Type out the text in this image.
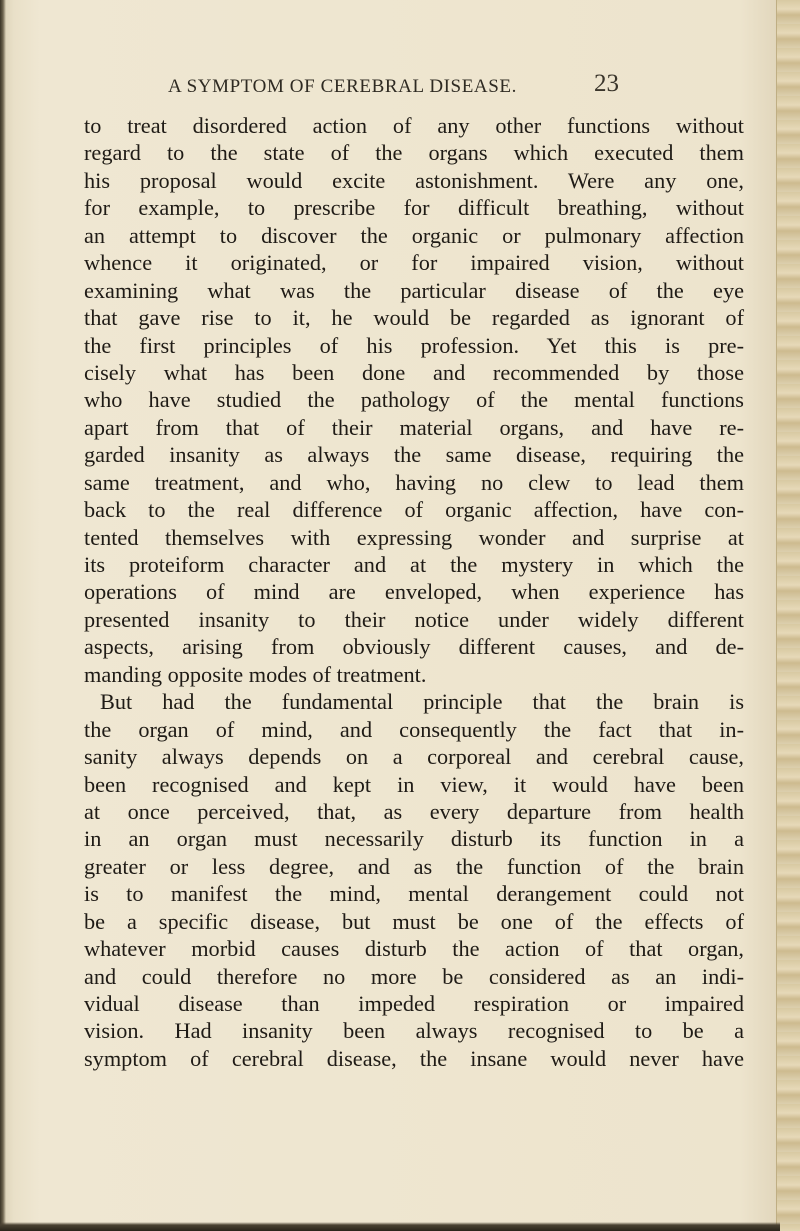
A SYMPTOM OF CEREBRAL DISEASE.	23
to treat disordered action of any other functions without
regard to the state of the organs which executed them
his proposal would excite astonishment. Were any one,
for example, to prescribe for difficult breathing, without
an attempt to discover the organic or pulmonary affection
whence it originated, or for impaired vision, without
examining what was the particular disease of the eye
that gave rise to it, he would be regarded as ignorant of
the first principles of his profession. Yet this is pre-
cisely what has been done and recommended by those
who have studied the pathology of the mental functions
apart from that of their material organs, and have re-
garded insanity as always the same disease, requiring the
same treatment, and who, having no clew to lead them
back to the real difference of organic affection, have con-
tented themselves with expressing wonder and surprise at
its proteiform character and at the mystery in which the
operations of mind are enveloped, when experience has
presented insanity to their notice under widely different
aspects, arising from obviously different causes, and de-
manding opposite modes of treatment.
But had the fundamental principle that the brain is
the organ of mind, and consequently the fact that in-
sanity always depends on a corporeal and cerebral cause,
been recognised and kept in view, it would have been
at once perceived, that, as every departure from health
in an organ must necessarily disturb its function in a
greater or less degree, and as the function of the brain
is to manifest the mind, mental derangement could not
be a specific disease, but must be one of the effects of
whatever morbid causes disturb the action of that organ,
and could therefore no more be considered as an indi-
vidual disease than impeded respiration or impaired
vision. Had insanity been always recognised to be a
symptom of cerebral disease, the insane would never have
